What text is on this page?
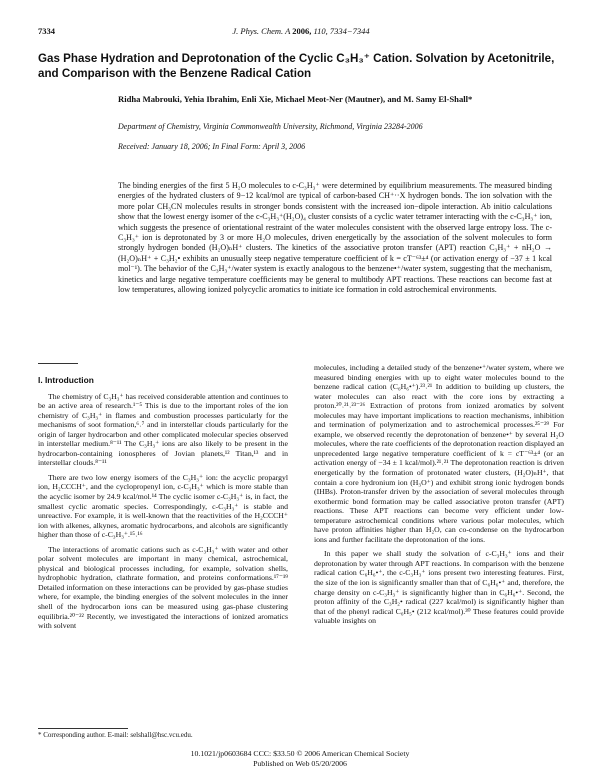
7334	J. Phys. Chem. A 2006, 110, 7334−7344
Gas Phase Hydration and Deprotonation of the Cyclic C₃H₃⁺ Cation. Solvation by Acetonitrile, and Comparison with the Benzene Radical Cation
Ridha Mabrouki, Yehia Ibrahim, Enli Xie, Michael Meot-Ner (Mautner), and M. Samy El-Shall*
Department of Chemistry, Virginia Commonwealth University, Richmond, Virginia 23284-2006
Received: January 18, 2006; In Final Form: April 3, 2006

The binding energies of the first 5 H₂O molecules to c-C₃H₃⁺ were determined by equilibrium measurements. The measured binding energies of the hydrated clusters of 9−12 kcal/mol are typical of carbon-based CH⁺··X hydrogen bonds. The ion solvation with the more polar CH₃CN molecules results in stronger bonds consistent with the increased ion−dipole interaction. Ab initio calculations show that the lowest energy isomer of the c-C₃H₃⁺(H₂O)₄ cluster consists of a cyclic water tetramer interacting with the c-C₃H₃⁺ ion, which suggests the presence of orientational restraint of the water molecules consistent with the observed large entropy loss. The c-C₃H₃⁺ ion is deprotonated by 3 or more H₂O molecules, driven energetically by the association of the solvent molecules to form strongly hydrogen bonded (H₂O)ₙH⁺ clusters. The kinetics of the associative proton transfer (APT) reaction C₃H₃⁺ + nH₂O → (H₂O)ₙH⁺ + C₃H₂• exhibits an unusually steep negative temperature coefficient of k = cT⁻⁶³±⁴ (or activation energy of −37 ± 1 kcal mol⁻¹). The behavior of the C₃H₃⁺/water system is exactly analogous to the benzene•⁺/water system, suggesting that the mechanism, kinetics and large negative temperature coefficients may be general to multibody APT reactions. These reactions can become fast at low temperatures, allowing ionized polycyclic aromatics to initiate ice formation in cold astrochemical environments.

I. Introduction

The chemistry of C₃H₃⁺ has received considerable attention and continues to be an active area of research.¹⁻⁵ This is due to the important roles of the ion chemistry of C₃H₃⁺ in flames and combustion processes particularly for the mechanisms of soot formation,⁶˒⁷ and in interstellar clouds particularly for the origin of larger hydrocarbon and other complicated molecular species observed in interstellar medium.⁸⁻¹¹ The C₃H₃⁺ ions are also likely to be present in the hydrocarbon-containing ionospheres of Jovian planets,¹² Titan,¹³ and in interstellar clouds.⁸⁻¹¹

There are two low energy isomers of the C₃H₃⁺ ion: the acyclic propargyl ion, H₂CCCH⁺, and the cyclopropenyl ion, c-C₃H₃⁺ which is more stable than the acyclic isomer by 24.9 kcal/mol.¹⁴ The cyclic isomer c-C₃H₃⁺ is, in fact, the smallest cyclic aromatic species. Correspondingly, c-C₃H₃⁺ is stable and unreactive. For example, it is well-known that the reactivities of the H₂CCCH⁺ ion with alkenes, alkynes, aromatic hydrocarbons, and alcohols are significantly higher than those of c-C₃H₃⁺.¹⁵˒¹⁶

The interactions of aromatic cations such as c-C₃H₃⁺ with water and other polar solvent molecules are important in many chemical, astrochemical, physical and biological processes including, for example, solvation shells, hydrophobic hydration, clathrate formation, and proteins conformations.¹⁷⁻¹⁹ Detailed information on these interactions can be provided by gas-phase studies where, for example, the binding energies of the solvent molecules in the inner shell of the hydrocarbon ions can be measured using gas-phase clustering equilibria.²⁰⁻²² Recently, we investigated the interactions of ionized aromatics with solvent

molecules, including a detailed study of the benzene•⁺/water system, where we measured binding energies with up to eight water molecules bound to the benzene radical cation (C₆H₆•⁺).²³˒²¹ In addition to building up clusters, the water molecules can also react with the core ions by extracting a proton.²⁰˒²¹˒²³⁻²⁶ Extraction of protons from ionized aromatics by solvent molecules may have important implications to reaction mechanisms, inhibition and termination of polymerization and to astrochemical processes.²⁵⁻²⁹ For example, we observed recently the deprotonation of benzene•⁺ by several H₂O molecules, where the rate coefficients of the deprotonation reaction displayed an unprecedented large negative temperature coefficient of k = cT⁻⁶³±⁴ (or an activation energy of −34 ± 1 kcal/mol).²¹˒²¹ The deprotonation reaction is driven energetically by the formation of protonated water clusters, (H₂O)ₙH⁺, that contain a core hydronium ion (H₃O⁺) and exhibit strong ionic hydrogen bonds (IHBs). Proton-transfer driven by the association of several molecules through exothermic bond formation may be called associative proton transfer (APT) reactions. These APT reactions can become very efficient under low-temperature astrochemical conditions where various polar molecules, which have proton affinities higher than H₂O, can co-condense on the hydrocarbon ions and further facilitate the deprotonation of the ions.

In this paper we shall study the solvation of c-C₃H₃⁺ ions and their deprotonation by water through APT reactions. In comparison with the benzene radical cation C₆H₆•⁺, the c-C₃H₃⁺ ions present two interesting features. First, the size of the ion is significantly smaller than that of C₆H₆•⁺ and, therefore, the charge density on c-C₃H₃⁺ is significantly higher than in C₆H₆•⁺. Second, the proton affinity of the C₃H₂• radical (227 kcal/mol) is significantly higher than that of the phenyl radical C₆H₅• (212 kcal/mol).³⁰ These features could provide valuable insights on

* Corresponding author. E-mail: selshall@hsc.vcu.edu.
10.1021/jp0603684 CCC: $33.50 © 2006 American Chemical Society
Published on Web 05/20/2006
